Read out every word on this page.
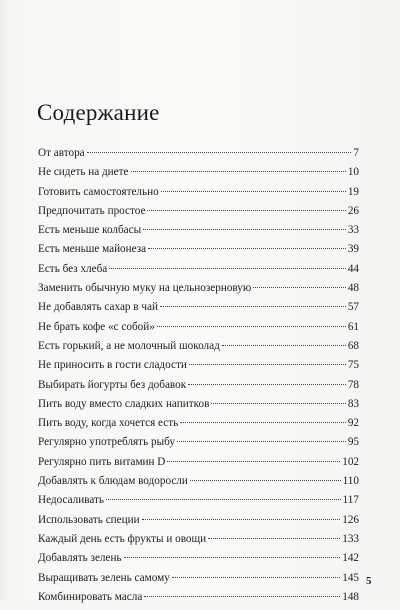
Содержание
От автора	7
Не сидеть на диете	10
Готовить самостоятельно	19
Предпочитать простое	26
Есть меньше колбасы	33
Есть меньше майонеза	39
Есть без хлеба	44
Заменить обычную муку на цельнозерновую	48
Не добавлять сахар в чай	57
Не брать кофе «с собой»	61
Есть горький, а не молочный шоколад	68
Не приносить в гости сладости	75
Выбирать йогурты без добавок	78
Пить воду вместо сладких напитков	83
Пить воду, когда хочется есть	92
Регулярно употреблять рыбу	95
Регулярно пить витамин D	102
Добавлять к блюдам водоросли	110
Недосаливать	117
Использовать специи	126
Каждый день есть фрукты и овощи	133
Добавлять зелень	142
Выращивать зелень самому	145
Комбинировать масла	148
5
